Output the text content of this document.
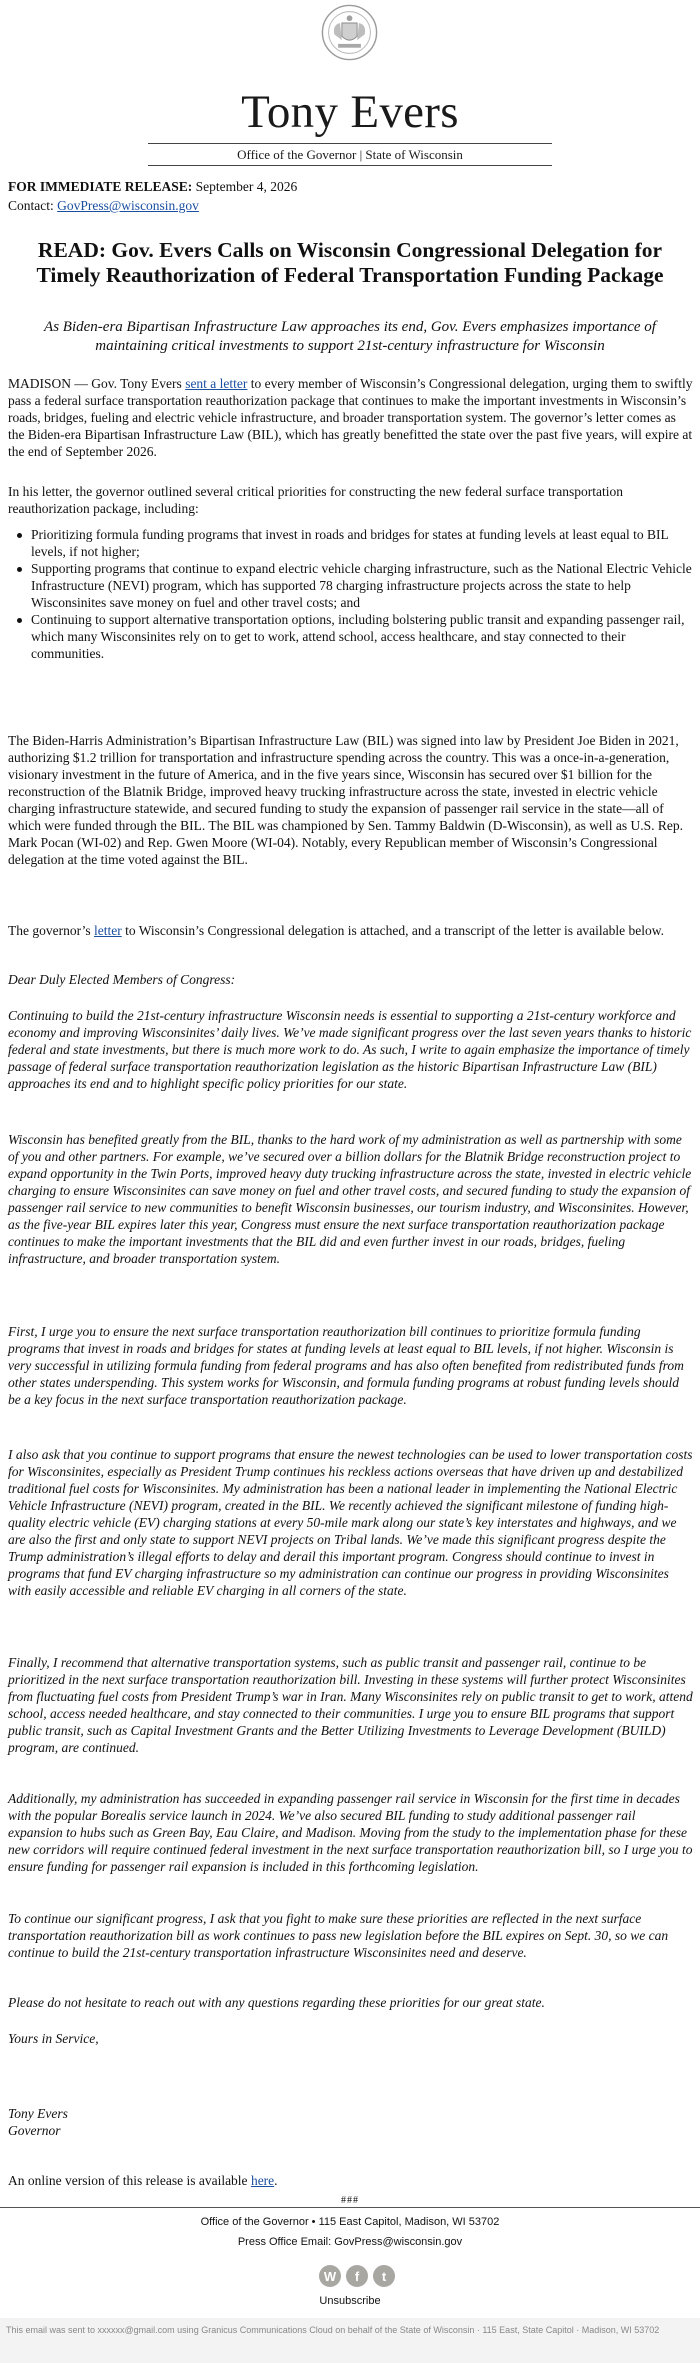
Tony Evers
Office of the Governor | State of Wisconsin
FOR IMMEDIATE RELEASE: September 4, 2026
Contact: GovPress@wisconsin.gov
READ: Gov. Evers Calls on Wisconsin Congressional Delegation for Timely Reauthorization of Federal Transportation Funding Package
As Biden-era Bipartisan Infrastructure Law approaches its end, Gov. Evers emphasizes importance of maintaining critical investments to support 21st-century infrastructure for Wisconsin
MADISON — Gov. Tony Evers sent a letter to every member of Wisconsin’s Congressional delegation, urging them to swiftly pass a federal surface transportation reauthorization package that continues to make the important investments in Wisconsin’s roads, bridges, fueling and electric vehicle infrastructure, and broader transportation system. The governor’s letter comes as the Biden-era Bipartisan Infrastructure Law (BIL), which has greatly benefitted the state over the past five years, will expire at the end of September 2026.
In his letter, the governor outlined several critical priorities for constructing the new federal surface transportation reauthorization package, including:
Prioritizing formula funding programs that invest in roads and bridges for states at funding levels at least equal to BIL levels, if not higher;
Supporting programs that continue to expand electric vehicle charging infrastructure, such as the National Electric Vehicle Infrastructure (NEVI) program, which has supported 78 charging infrastructure projects across the state to help Wisconsinites save money on fuel and other travel costs; and
Continuing to support alternative transportation options, including bolstering public transit and expanding passenger rail, which many Wisconsinites rely on to get to work, attend school, access healthcare, and stay connected to their communities.
The Biden-Harris Administration’s Bipartisan Infrastructure Law (BIL) was signed into law by President Joe Biden in 2021, authorizing $1.2 trillion for transportation and infrastructure spending across the country. This was a once-in-a-generation, visionary investment in the future of America, and in the five years since, Wisconsin has secured over $1 billion for the reconstruction of the Blatnik Bridge, improved heavy trucking infrastructure across the state, invested in electric vehicle charging infrastructure statewide, and secured funding to study the expansion of passenger rail service in the state—all of which were funded through the BIL. The BIL was championed by Sen. Tammy Baldwin (D-Wisconsin), as well as U.S. Rep. Mark Pocan (WI-02) and Rep. Gwen Moore (WI-04). Notably, every Republican member of Wisconsin’s Congressional delegation at the time voted against the BIL.
The governor’s letter to Wisconsin’s Congressional delegation is attached, and a transcript of the letter is available below.
Dear Duly Elected Members of Congress:
Continuing to build the 21st-century infrastructure Wisconsin needs is essential to supporting a 21st-century workforce and economy and improving Wisconsinites’ daily lives. We’ve made significant progress over the last seven years thanks to historic federal and state investments, but there is much more work to do. As such, I write to again emphasize the importance of timely passage of federal surface transportation reauthorization legislation as the historic Bipartisan Infrastructure Law (BIL) approaches its end and to highlight specific policy priorities for our state.
Wisconsin has benefited greatly from the BIL, thanks to the hard work of my administration as well as partnership with some of you and other partners. For example, we’ve secured over a billion dollars for the Blatnik Bridge reconstruction project to expand opportunity in the Twin Ports, improved heavy duty trucking infrastructure across the state, invested in electric vehicle charging to ensure Wisconsinites can save money on fuel and other travel costs, and secured funding to study the expansion of passenger rail service to new communities to benefit Wisconsin businesses, our tourism industry, and Wisconsinites. However, as the five-year BIL expires later this year, Congress must ensure the next surface transportation reauthorization package continues to make the important investments that the BIL did and even further invest in our roads, bridges, fueling infrastructure, and broader transportation system.
First, I urge you to ensure the next surface transportation reauthorization bill continues to prioritize formula funding programs that invest in roads and bridges for states at funding levels at least equal to BIL levels, if not higher. Wisconsin is very successful in utilizing formula funding from federal programs and has also often benefited from redistributed funds from other states underspending. This system works for Wisconsin, and formula funding programs at robust funding levels should be a key focus in the next surface transportation reauthorization package.
I also ask that you continue to support programs that ensure the newest technologies can be used to lower transportation costs for Wisconsinites, especially as President Trump continues his reckless actions overseas that have driven up and destabilized traditional fuel costs for Wisconsinites. My administration has been a national leader in implementing the National Electric Vehicle Infrastructure (NEVI) program, created in the BIL. We recently achieved the significant milestone of funding high-quality electric vehicle (EV) charging stations at every 50-mile mark along our state’s key interstates and highways, and we are also the first and only state to support NEVI projects on Tribal lands. We’ve made this significant progress despite the Trump administration’s illegal efforts to delay and derail this important program. Congress should continue to invest in programs that fund EV charging infrastructure so my administration can continue our progress in providing Wisconsinites with easily accessible and reliable EV charging in all corners of the state.
Finally, I recommend that alternative transportation systems, such as public transit and passenger rail, continue to be prioritized in the next surface transportation reauthorization bill. Investing in these systems will further protect Wisconsinites from fluctuating fuel costs from President Trump’s war in Iran. Many Wisconsinites rely on public transit to get to work, attend school, access needed healthcare, and stay connected to their communities. I urge you to ensure BIL programs that support public transit, such as Capital Investment Grants and the Better Utilizing Investments to Leverage Development (BUILD) program, are continued.
Additionally, my administration has succeeded in expanding passenger rail service in Wisconsin for the first time in decades with the popular Borealis service launch in 2024. We’ve also secured BIL funding to study additional passenger rail expansion to hubs such as Green Bay, Eau Claire, and Madison. Moving from the study to the implementation phase for these new corridors will require continued federal investment in the next surface transportation reauthorization bill, so I urge you to ensure funding for passenger rail expansion is included in this forthcoming legislation.
To continue our significant progress, I ask that you fight to make sure these priorities are reflected in the next surface transportation reauthorization bill as work continues to pass new legislation before the BIL expires on Sept. 30, so we can continue to build the 21st-century transportation infrastructure Wisconsinites need and deserve.
Please do not hesitate to reach out with any questions regarding these priorities for our great state.
Yours in Service,
Tony Evers
Governor
An online version of this release is available here.
###
Office of the Governor • 115 East Capitol, Madison, WI 53702
Press Office Email: GovPress@wisconsin.gov
W f t
Unsubscribe
This email was sent to xxxxxx@gmail.com using Granicus Communications Cloud on behalf of the State of Wisconsin · 115 East, State Capitol · Madison, WI 53702
